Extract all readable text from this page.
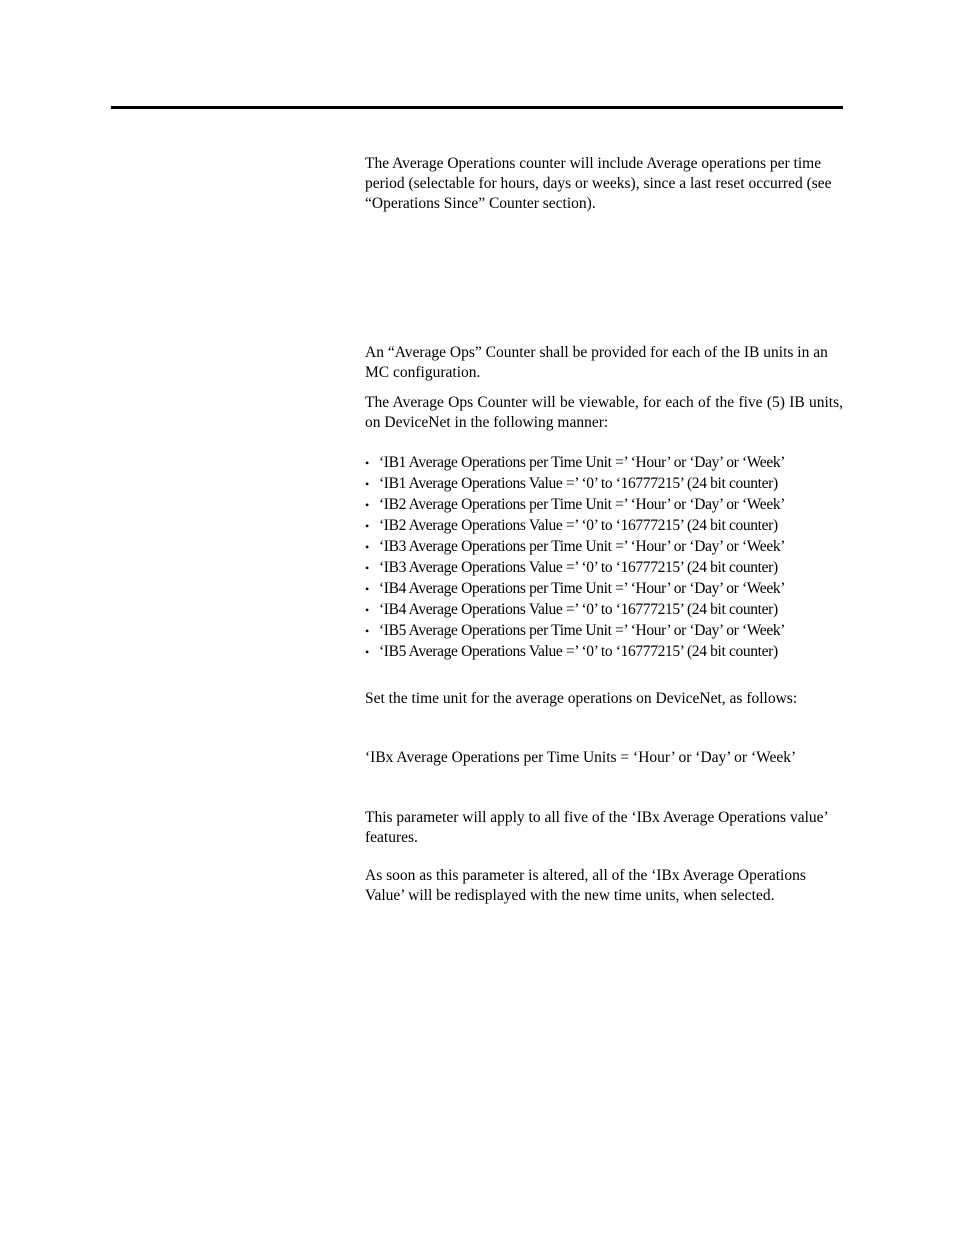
The Average Operations counter will include Average operations per time period (selectable for hours, days or weeks), since a last reset occurred (see “Operations Since” Counter section).

An “Average Ops” Counter shall be provided for each of the IB units in an MC configuration.

The Average Ops Counter will be viewable, for each of the five (5) IB units, on DeviceNet in the following manner:

• ‘IB1 Average Operations per Time Unit =’ ‘Hour’ or ‘Day’ or ‘Week’
• ‘IB1 Average Operations Value =’ ‘0’ to ‘16777215’ (24 bit counter)
• ‘IB2 Average Operations per Time Unit =’ ‘Hour’ or ‘Day’ or ‘Week’
• ‘IB2 Average Operations Value =’ ‘0’ to ‘16777215’ (24 bit counter)
• ‘IB3 Average Operations per Time Unit =’ ‘Hour’ or ‘Day’ or ‘Week’
• ‘IB3 Average Operations Value =’ ‘0’ to ‘16777215’ (24 bit counter)
• ‘IB4 Average Operations per Time Unit =’ ‘Hour’ or ‘Day’ or ‘Week’
• ‘IB4 Average Operations Value =’ ‘0’ to ‘16777215’ (24 bit counter)
• ‘IB5 Average Operations per Time Unit =’ ‘Hour’ or ‘Day’ or ‘Week’
• ‘IB5 Average Operations Value =’ ‘0’ to ‘16777215’ (24 bit counter)

Set the time unit for the average operations on DeviceNet, as follows:

‘IBx Average Operations per Time Units = ‘Hour’ or ‘Day’ or ‘Week’

This parameter will apply to all five of the ‘IBx Average Operations value’ features.

As soon as this parameter is altered, all of the ‘IBx Average Operations Value’ will be redisplayed with the new time units, when selected.
